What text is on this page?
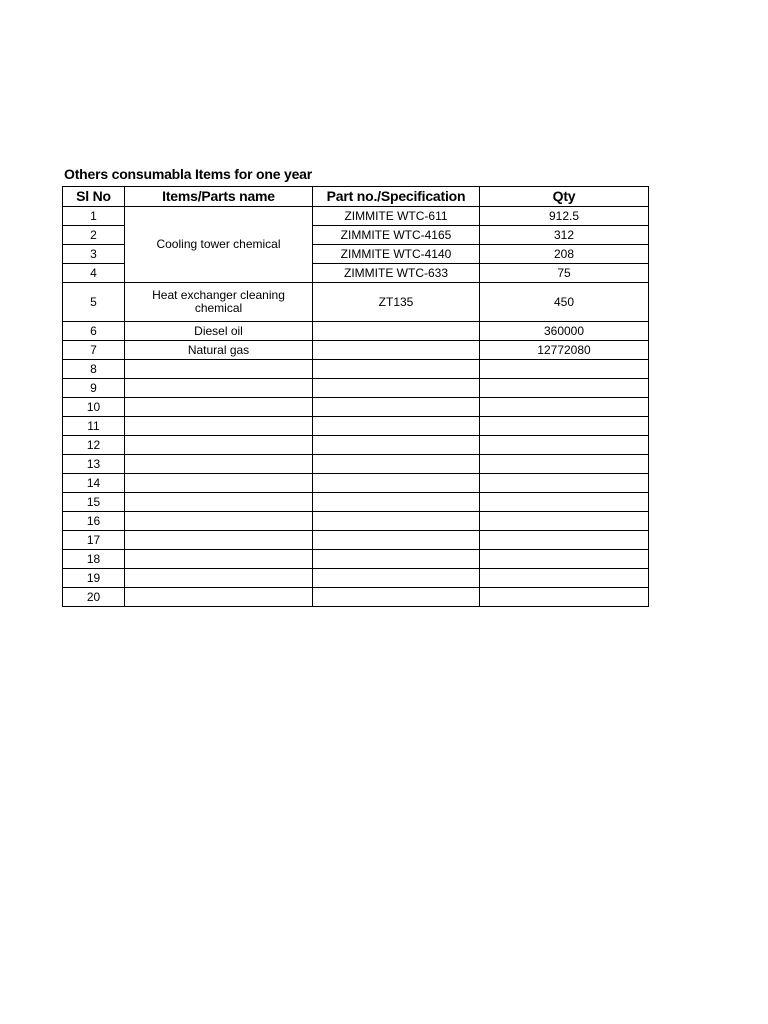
Others consumabla Items for one year
Sl No	Items/Parts name	Part no./Specification	Qty
1	Cooling tower chemical	ZIMMITE WTC-611	912.5
2		ZIMMITE WTC-4165	312
3		ZIMMITE WTC-4140	208
4		ZIMMITE WTC-633	75
5	Heat exchanger cleaning chemical	ZT135	450
6	Diesel oil		360000
7	Natural gas		12772080
8			
9			
10			
11			
12			
13			
14			
15			
16			
17			
18			
19			
20			
